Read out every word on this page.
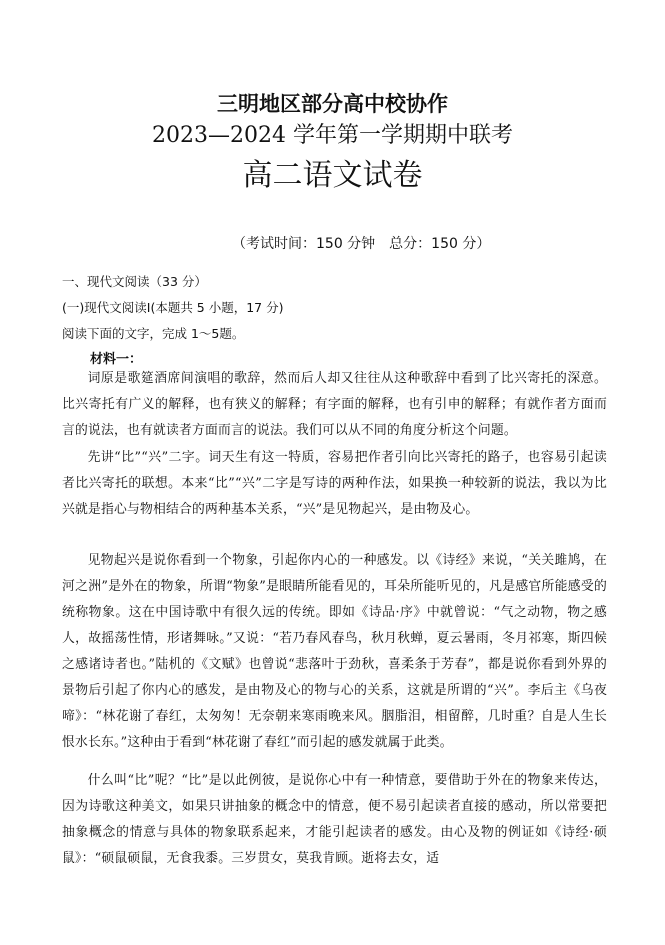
三明地区部分高中校协作
2023—2024 学年第一学期期中联考
高二语文试卷
（考试时间：150 分钟　总分：150 分）
一、现代文阅读（33 分）
(一)现代文阅读Ⅰ(本题共 5 小题，17 分)
阅读下面的文字，完成 1～5题。
材料一：
词原是歌筵酒席间演唱的歌辞，然而后人却又往往从这种歌辞中看到了比兴寄托的深意。比兴寄托有广义的解释，也有狭义的解释；有字面的解释，也有引申的解释；有就作者方面而言的说法，也有就读者方面而言的说法。我们可以从不同的角度分析这个问题。
先讲“比”“兴”二字。词天生有这一特质，容易把作者引向比兴寄托的路子，也容易引起读者比兴寄托的联想。本来“比”“兴”二字是写诗的两种作法，如果换一种较新的说法，我以为比兴就是指心与物相结合的两种基本关系，“兴”是见物起兴，是由物及心。
见物起兴是说你看到一个物象，引起你内心的一种感发。以《诗经》来说，“关关雎鸠，在河之洲”是外在的物象，所谓“物象”是眼睛所能看见的，耳朵所能听见的，凡是感官所能感受的统称物象。这在中国诗歌中有很久远的传统。即如《诗品·序》中就曾说：“气之动物，物之感人，故摇荡性情，形诸舞咏。”又说：“若乃春风春鸟，秋月秋蝉，夏云暑雨，冬月祁寒，斯四候之感诸诗者也。”陆机的《文赋》也曾说“悲落叶于劲秋，喜柔条于芳春”，都是说你看到外界的景物后引起了你内心的感发，是由物及心的物与心的关系，这就是所谓的“兴”。李后主《乌夜啼》：“林花谢了春红，太匆匆！无奈朝来寒雨晚来风。胭脂泪，相留醉，几时重？自是人生长恨水长东。”这种由于看到“林花谢了春红”而引起的感发就属于此类。
什么叫“比”呢？“比”是以此例彼，是说你心中有一种情意，要借助于外在的物象来传达，因为诗歌这种美文，如果只讲抽象的概念中的情意，便不易引起读者直接的感动，所以常要把抽象概念的情意与具体的物象联系起来，才能引起读者的感发。由心及物的例证如《诗经·硕鼠》：“硕鼠硕鼠，无食我黍。三岁贯女，莫我肯顾。逝将去女，适
